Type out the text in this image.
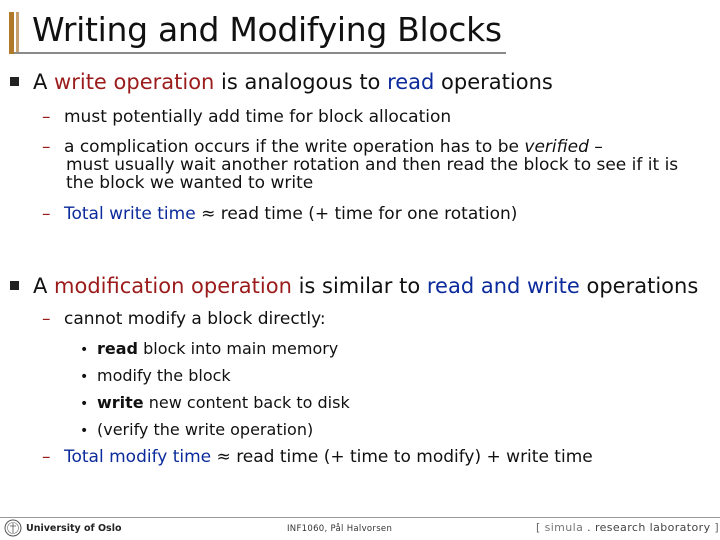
Writing and Modifying Blocks
A write operation is analogous to read operations
– must potentially add time for block allocation
– a complication occurs if the write operation has to be verified –
must usually wait another rotation and then read the block to see if it is
the block we wanted to write
– Total write time ≈ read time (+ time for one rotation)
A modification operation is similar to read and write operations
– cannot modify a block directly:
• read block into main memory
• modify the block
• write new content back to disk
• (verify the write operation)
– Total modify time ≈ read time (+ time to modify) + write time
University of Oslo	INF1060, Pål Halvorsen	[ simula . research laboratory ]
